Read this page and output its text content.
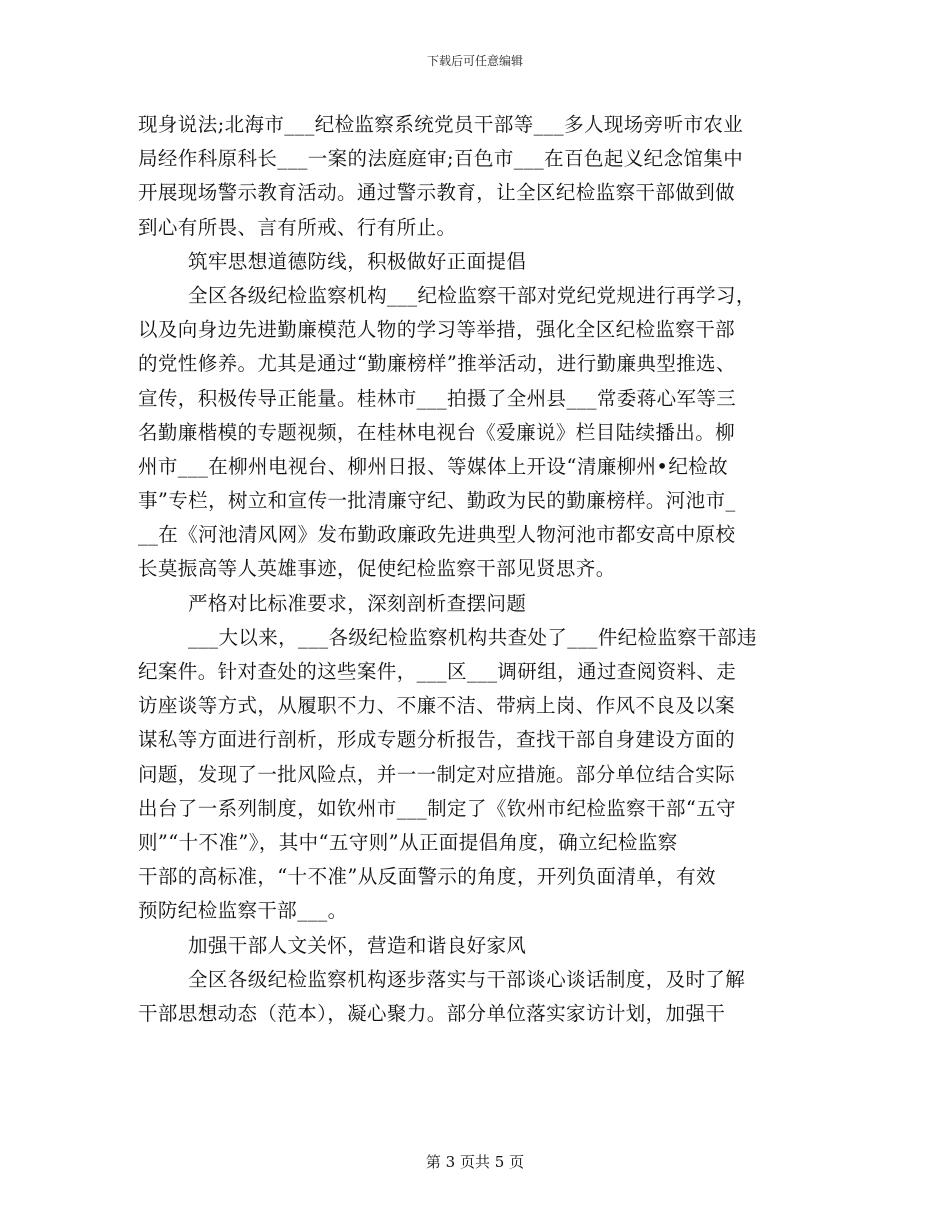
下载后可任意编辑
现身说法;北海市___纪检监察系统党员干部等___多人现场旁听市农业
局经作科原科长___一案的法庭庭审;百色市___在百色起义纪念馆集中
开展现场警示教育活动。通过警示教育，让全区纪检监察干部做到做
到心有所畏、言有所戒、行有所止。
筑牢思想道德防线，积极做好正面提倡
全区各级纪检监察机构___纪检监察干部对党纪党规进行再学习，
以及向身边先进勤廉模范人物的学习等举措，强化全区纪检监察干部
的党性修养。尤其是通过“勤廉榜样”推举活动，进行勤廉典型推选、
宣传，积极传导正能量。桂林市___拍摄了全州县___常委蒋心军等三
名勤廉楷模的专题视频，在桂林电视台《爱廉说》栏目陆续播出。柳
州市___在柳州电视台、柳州日报、等媒体上开设“清廉柳州•纪检故
事”专栏，树立和宣传一批清廉守纪、勤政为民的勤廉榜样。河池市_
__在《河池清风网》发布勤政廉政先进典型人物河池市都安高中原校
长莫振高等人英雄事迹，促使纪检监察干部见贤思齐。
严格对比标准要求，深刻剖析查摆问题
___大以来，___各级纪检监察机构共查处了___件纪检监察干部违
纪案件。针对查处的这些案件，___区___调研组，通过查阅资料、走
访座谈等方式，从履职不力、不廉不洁、带病上岗、作风不良及以案
谋私等方面进行剖析，形成专题分析报告，查找干部自身建设方面的
问题，发现了一批风险点，并一一制定对应措施。部分单位结合实际
出台了一系列制度，如钦州市___制定了《钦州市纪检监察干部“五守
则”“十不准”》，其中“五守则”从正面提倡角度，确立纪检监察
干部的高标准，“十不准”从反面警示的角度，开列负面清单，有效
预防纪检监察干部___。
加强干部人文关怀，营造和谐良好家风
全区各级纪检监察机构逐步落实与干部谈心谈话制度，及时了解
干部思想动态（范本），凝心聚力。部分单位落实家访计划，加强干
第 3 页共 5 页
